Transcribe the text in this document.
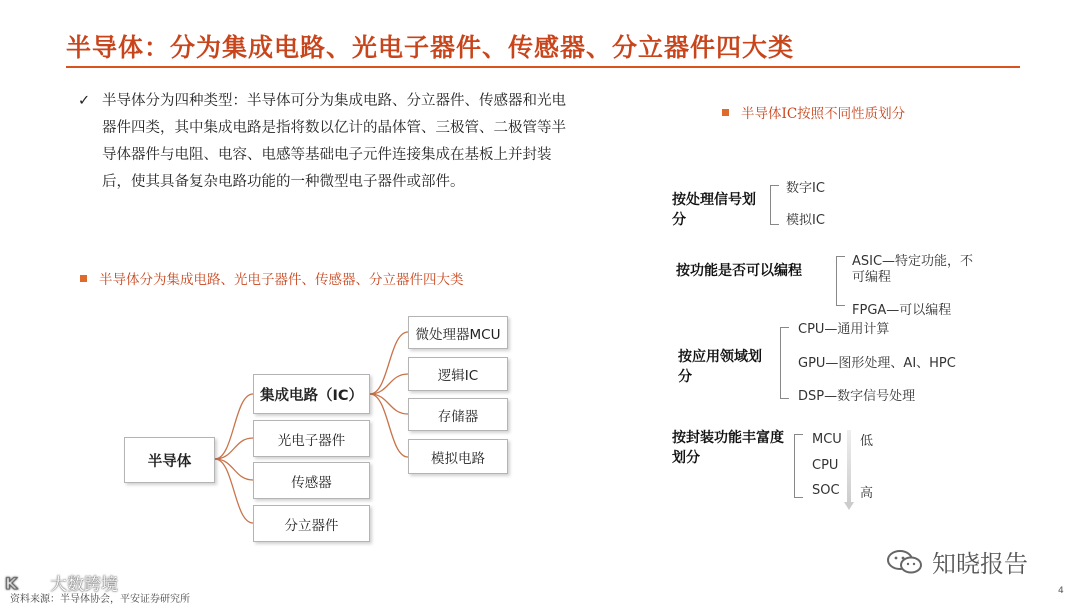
半导体：分为集成电路、光电子器件、传感器、分立器件四大类
✓ 半导体分为四种类型：半导体可分为集成电路、分立器件、传感器和光电器件四类，其中集成电路是指将数以亿计的晶体管、三极管、二极管等半导体器件与电阻、电容、电感等基础电子元件连接集成在基板上并封装后，使其具备复杂电路功能的一种微型电子器件或部件。
半导体分为集成电路、光电子器件、传感器、分立器件四大类
半导体
集成电路（IC）
光电子器件
传感器
分立器件
微处理器MCU
逻辑IC
存储器
模拟电路
半导体IC按照不同性质划分
按处理信号划分
数字IC
模拟IC
按功能是否可以编程
ASIC—特定功能，不可编程
FPGA—可以编程
按应用领域划分
CPU—通用计算
GPU—图形处理、AI、HPC
DSP—数字信号处理
按封装功能丰富度划分
MCU
CPU
SOC
低
高
知晓报告
K 大数跨境
资料来源：半导体协会，平安证券研究所
4
